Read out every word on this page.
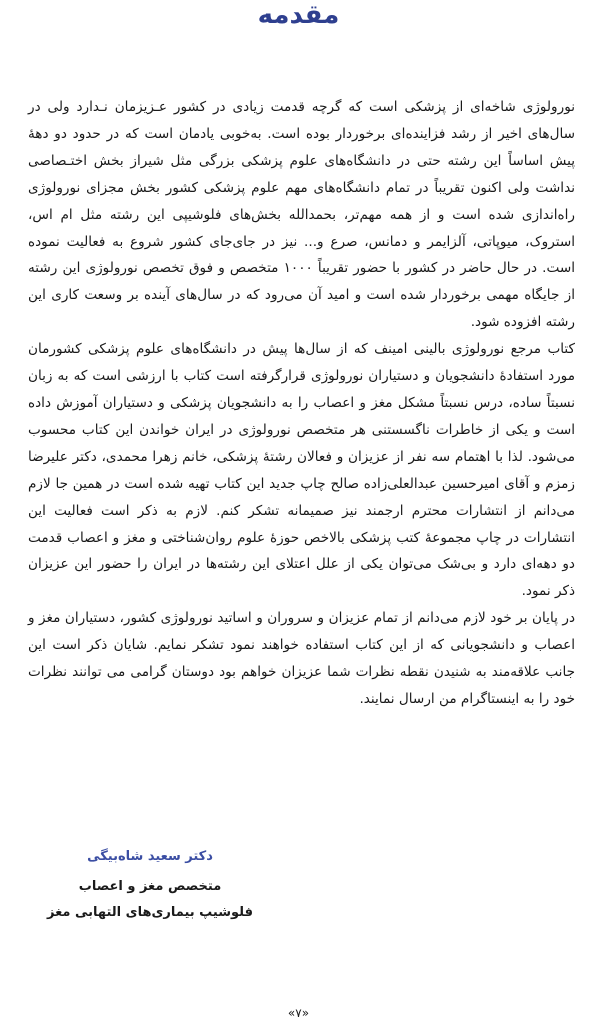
مقدمه

نورولوژی شاخه‌ای از پزشکی است که گرچه قدمت زیادی در کشور عـزیزمان نـدارد ولی در سال‌های اخیر از رشد فزاینده‌ای برخوردار بوده است. به‌خوبی یادمان است که در حدود دو دههٔ پیش اساساً این رشته حتی در دانشگاه‌های علوم پزشکی بزرگی مثل شیراز بخش اختـصاصی نداشت ولی اکنون تقریباً در تمام دانشگاه‌های مهم علوم پزشکی کشور بخش مجزای نورولوژی راه‌اندازی شده است و از همه مهم‌تر، بحمدالله بخش‌های فلوشیپی این رشته مثل ام اس، استروک، میوپاتی، آلزایمر و دمانس، صرع و... نیز در جای‌جای کشور شروع به فعالیت نموده است. در حال حاضر در کشور با حضور تقریباً ۱۰۰۰ متخصص و فوق تخصص نورولوژی این رشته از جایگاه مهمی برخوردار شده است و امید آن می‌رود که در سال‌های آینده بر وسعت کاری این رشته افزوده شود.

کتاب مرجع نورولوژی بالینی امینف که از سال‌ها پیش در دانشگاه‌های علوم پزشکی کشورمان مورد استفادهٔ دانشجویان و دستیاران نورولوژی قرارگرفته است کتاب با ارزشی است که به زبان نسبتاً ساده، درس نسبتاً مشکل مغز و اعصاب را به دانشجویان پزشکی و دستیاران آموزش داده است و یکی از خاطرات ناگسستنی هر متخصص نورولوژی در ایران خواندن این کتاب محسوب می‌شود. لذا با اهتمام سه نفر از عزیزان و فعالان رشتهٔ پزشکی، خانم زهرا محمدی، دکتر علیرضا زمزم و آقای امیرحسین عبدالعلی‌زاده صالح چاپ جدید این کتاب تهیه شده است در همین جا لازم می‌دانم از انتشارات محترم ارجمند نیز صمیمانه تشکر کنم. لازم به ذکر است فعالیت این انتشارات در چاپ مجموعهٔ کتب پزشکی بالاخص حوزهٔ علوم روان‌شناختی و مغز و اعصاب قدمت دو دهه‌ای دارد و بی‌شک می‌توان یکی از علل اعتلای این رشته‌ها در ایران را حضور این عزیزان ذکر نمود.

در پایان بر خود لازم می‌دانم از تمام عزیزان و سروران و اساتید نورولوژی کشور، دستیاران مغز و اعصاب و دانشجویانی که از این کتاب استفاده خواهند نمود تشکر نمایم. شایان ذکر است این جانب علاقه‌مند به شنیدن نقطه نظرات شما عزیزان خواهم بود دوستان گرامی می توانند نظرات خود را به اینستاگرام من ارسال نمایند.

دکتر سعید شاه‌بیگی
متخصص مغز و اعصاب
فلوشیپ بیماری‌های التهابی مغز
«۷»
